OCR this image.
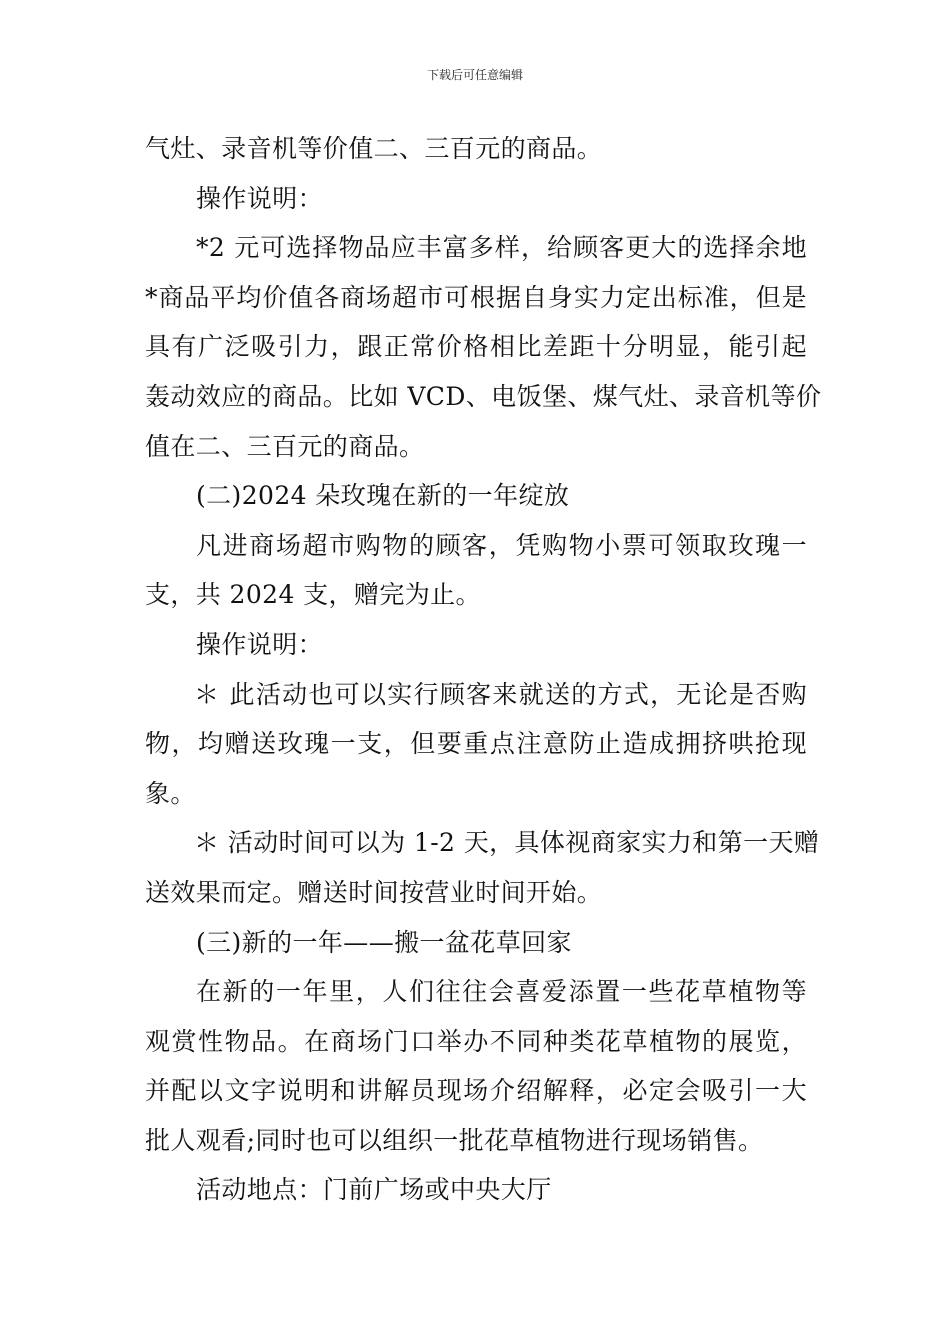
下载后可任意编辑
气灶、录音机等价值二、三百元的商品。
操作说明：
*2 元可选择物品应丰富多样，给顾客更大的选择余地
*商品平均价值各商场超市可根据自身实力定出标准，但是
具有广泛吸引力，跟正常价格相比差距十分明显，能引起
轰动效应的商品。比如 VCD、电饭堡、煤气灶、录音机等价
值在二、三百元的商品。
(二)2024 朵玫瑰在新的一年绽放
凡进商场超市购物的顾客，凭购物小票可领取玫瑰一
支，共 2024 支，赠完为止。
操作说明：
＊ 此活动也可以实行顾客来就送的方式，无论是否购
物，均赠送玫瑰一支，但要重点注意防止造成拥挤哄抢现
象。
＊ 活动时间可以为 1-2 天，具体视商家实力和第一天赠
送效果而定。赠送时间按营业时间开始。
(三)新的一年——搬一盆花草回家
在新的一年里，人们往往会喜爱添置一些花草植物等
观赏性物品。在商场门口举办不同种类花草植物的展览，
并配以文字说明和讲解员现场介绍解释，必定会吸引一大
批人观看;同时也可以组织一批花草植物进行现场销售。
活动地点：门前广场或中央大厅
